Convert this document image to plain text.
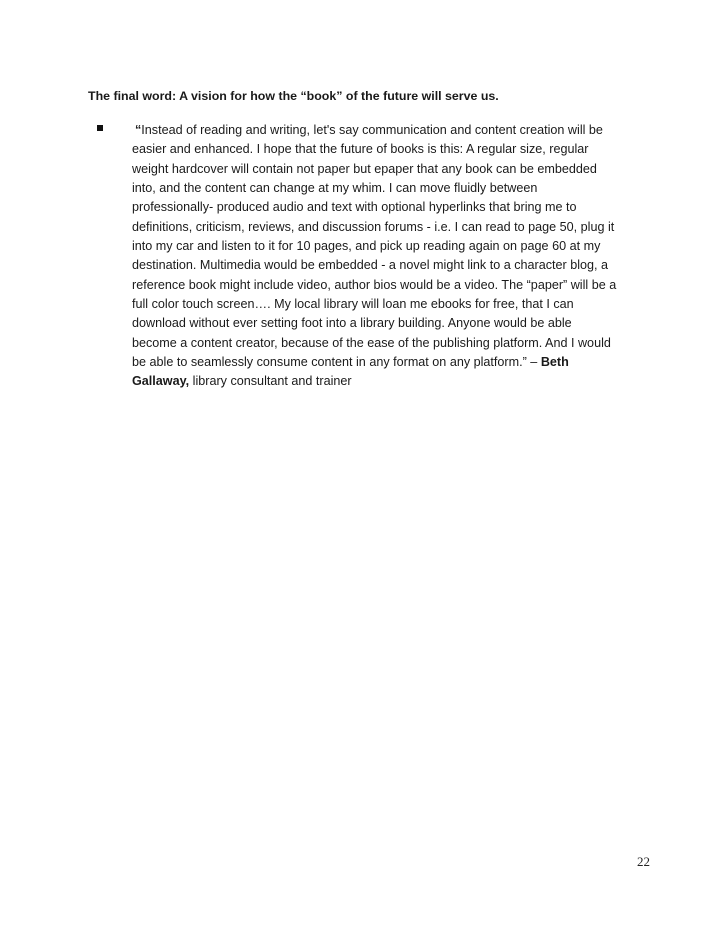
The final word: A vision for how the “book” of the future will serve us.
“Instead of reading and writing, let's say communication and content creation will be
easier and enhanced. I hope that the future of books is this: A regular size, regular
weight hardcover will contain not paper but epaper that any book can be embedded
into, and the content can change at my whim. I can move fluidly between
professionally- produced audio and text with optional hyperlinks that bring me to
definitions, criticism, reviews, and discussion forums - i.e. I can read to page 50, plug it
into my car and listen to it for 10 pages, and pick up reading again on page 60 at my
destination. Multimedia would be embedded - a novel might link to a character blog, a
reference book might include video, author bios would be a video. The “paper” will be a
full color touch screen…. My local library will loan me ebooks for free, that I can
download without ever setting foot into a library building. Anyone would be able
become a content creator, because of the ease of the publishing platform. And I would
be able to seamlessly consume content in any format on any platform.” – Beth
Gallaway, library consultant and trainer
22
